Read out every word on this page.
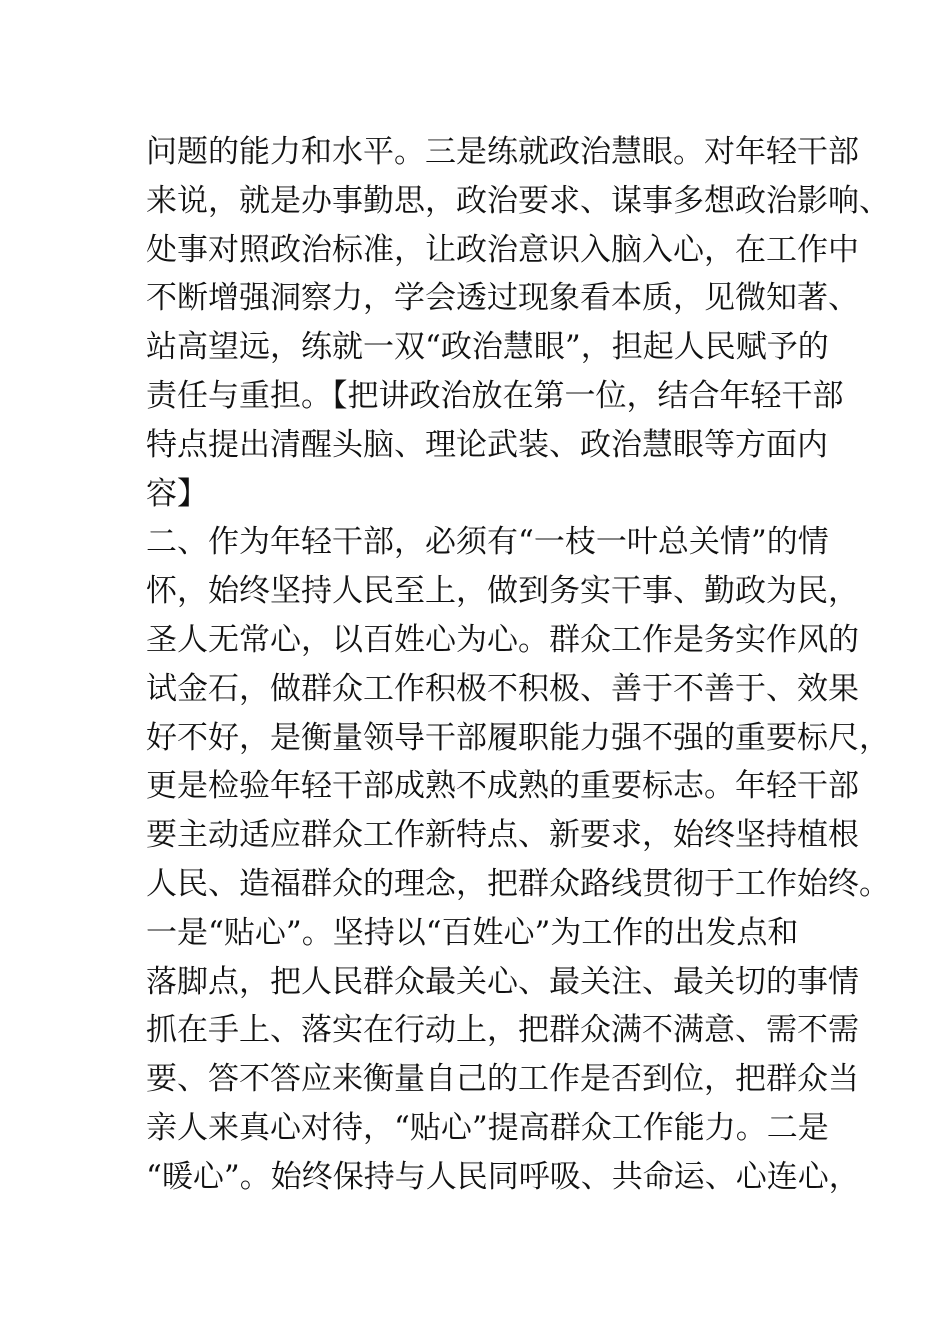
问题的能力和水平。三是练就政治慧眼。对年轻干部
来说，就是办事勤思，政治要求、谋事多想政治影响、
处事对照政治标准，让政治意识入脑入心，在工作中
不断增强洞察力，学会透过现象看本质，见微知著、
站高望远，练就一双“政治慧眼”，担起人民赋予的
责任与重担。【把讲政治放在第一位，结合年轻干部
特点提出清醒头脑、理论武装、政治慧眼等方面内
容】
二、作为年轻干部，必须有“一枝一叶总关情”的情
怀，始终坚持人民至上，做到务实干事、勤政为民，
圣人无常心，以百姓心为心。群众工作是务实作风的
试金石，做群众工作积极不积极、善于不善于、效果
好不好，是衡量领导干部履职能力强不强的重要标尺，
更是检验年轻干部成熟不成熟的重要标志。年轻干部
要主动适应群众工作新特点、新要求，始终坚持植根
人民、造福群众的理念，把群众路线贯彻于工作始终。
一是“贴心”。坚持以“百姓心”为工作的出发点和
落脚点，把人民群众最关心、最关注、最关切的事情
抓在手上、落实在行动上，把群众满不满意、需不需
要、答不答应来衡量自己的工作是否到位，把群众当
亲人来真心对待，“贴心”提高群众工作能力。二是
“暖心”。始终保持与人民同呼吸、共命运、心连心，
